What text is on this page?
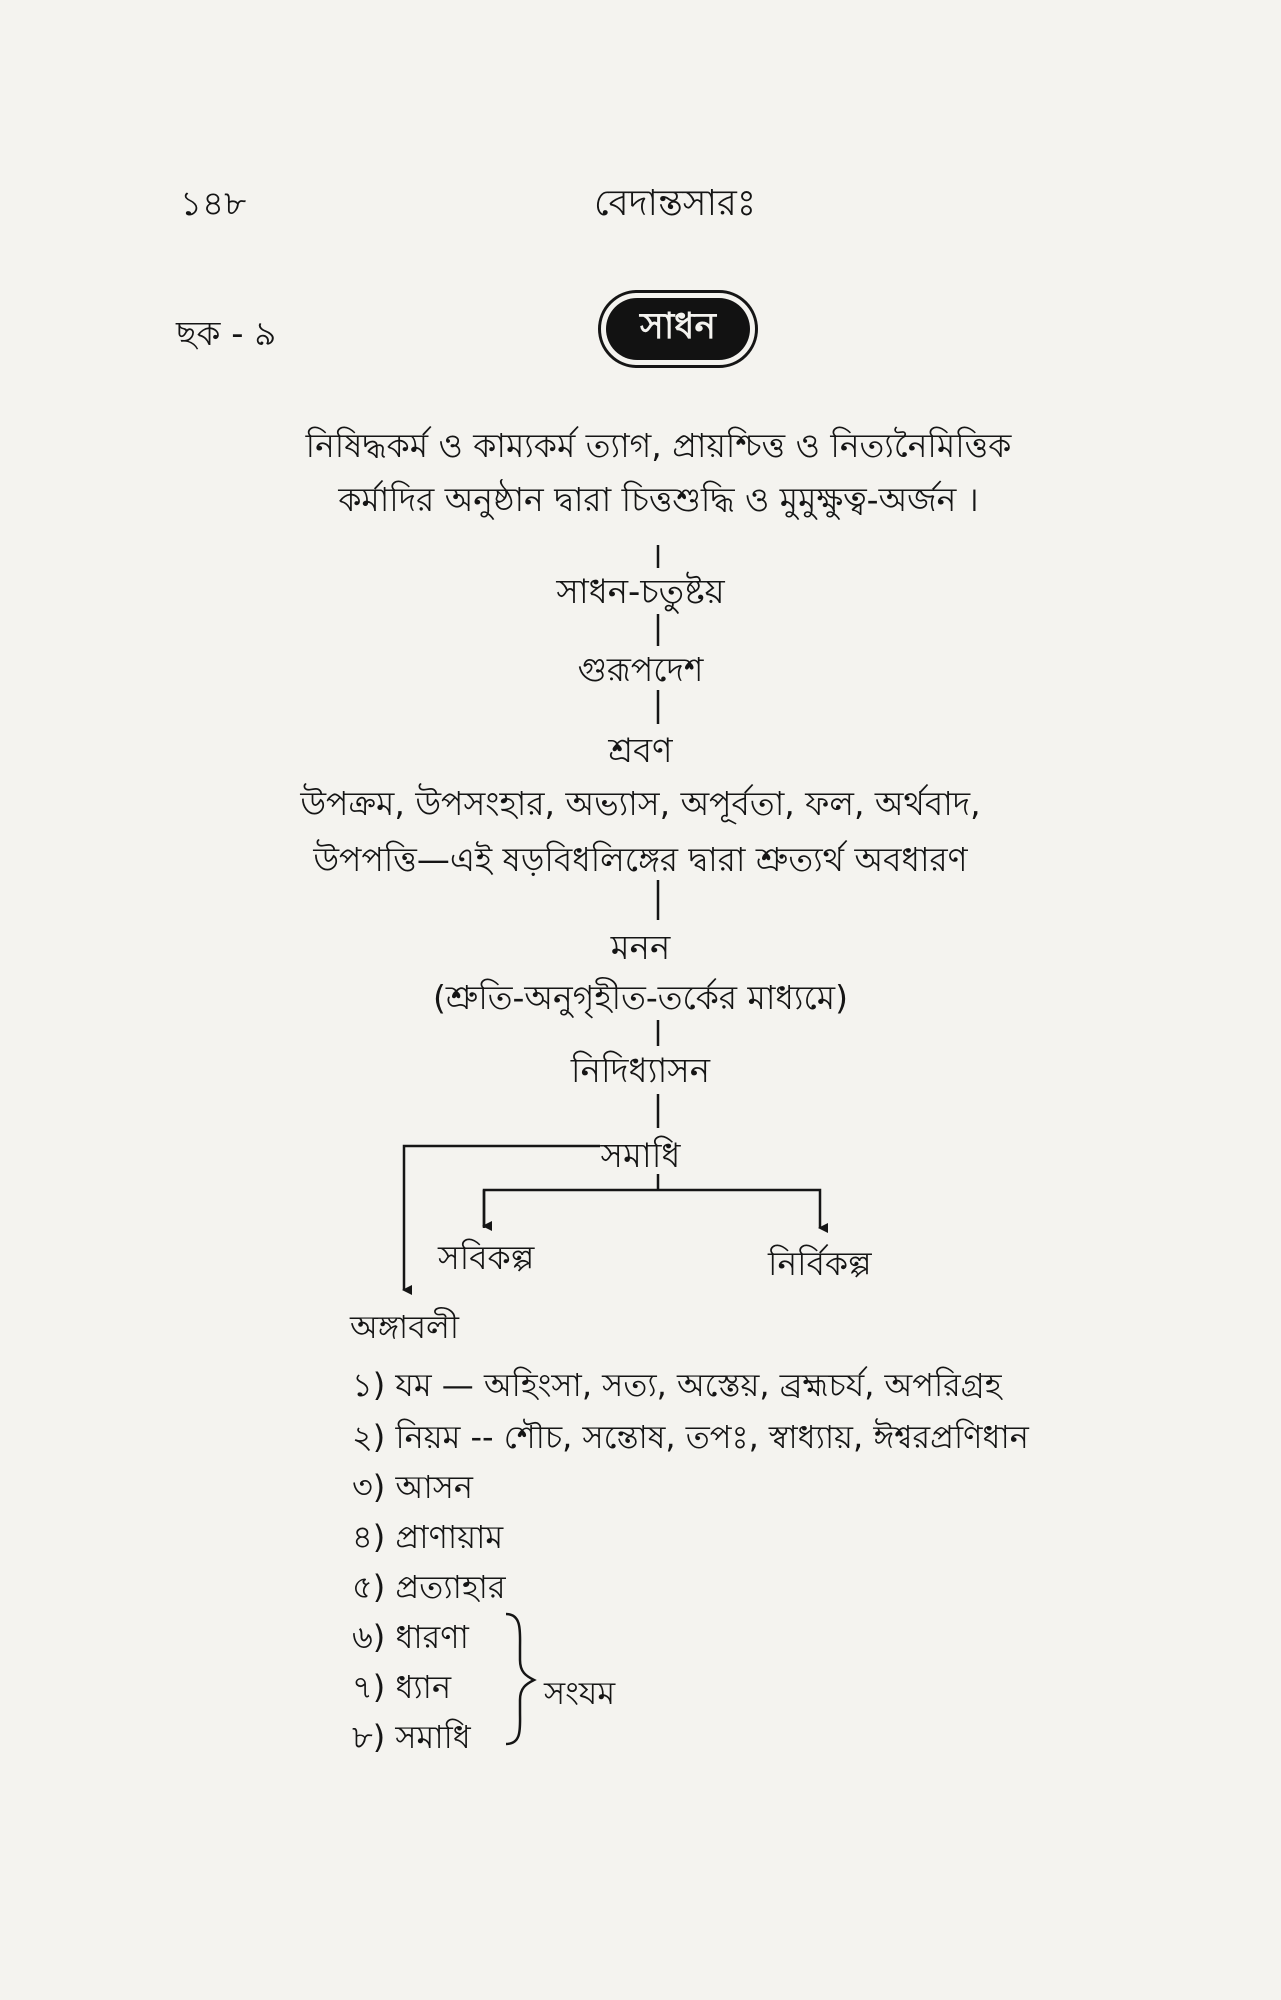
১৪৮	বেদান্তসারঃ
ছক - ৯	সাধন
নিষিদ্ধকর্ম ও কাম্যকর্ম ত্যাগ, প্রায়শ্চিত্ত ও নিত্যনৈমিত্তিক
কর্মাদির অনুষ্ঠান দ্বারা চিত্তশুদ্ধি ও মুমুক্ষুত্ব-অর্জন ।
সাধন-চতুষ্টয়
গুরূপদেশ
শ্রবণ
উপক্রম, উপসংহার, অভ্যাস, অপূর্বতা, ফল, অর্থবাদ,
উপপত্তি—এই ষড়বিধলিঙ্গের দ্বারা শ্রুত্যর্থ অবধারণ
মনন
(শ্রুতি-অনুগৃহীত-তর্কের মাধ্যমে)
নিদিধ্যাসন
সমাধি
সবিকল্প	নির্বিকল্প
অঙ্গাবলী
১) যম — অহিংসা, সত্য, অস্তেয়, ব্রহ্মচর্য, অপরিগ্রহ
২) নিয়ম -- শৌচ, সন্তোষ, তপঃ, স্বাধ্যায়, ঈশ্বরপ্রণিধান
৩) আসন
৪) প্রাণায়াম
৫) প্রত্যাহার
৬) ধারণা
৭) ধ্যান
৮) সমাধি
সংযম
